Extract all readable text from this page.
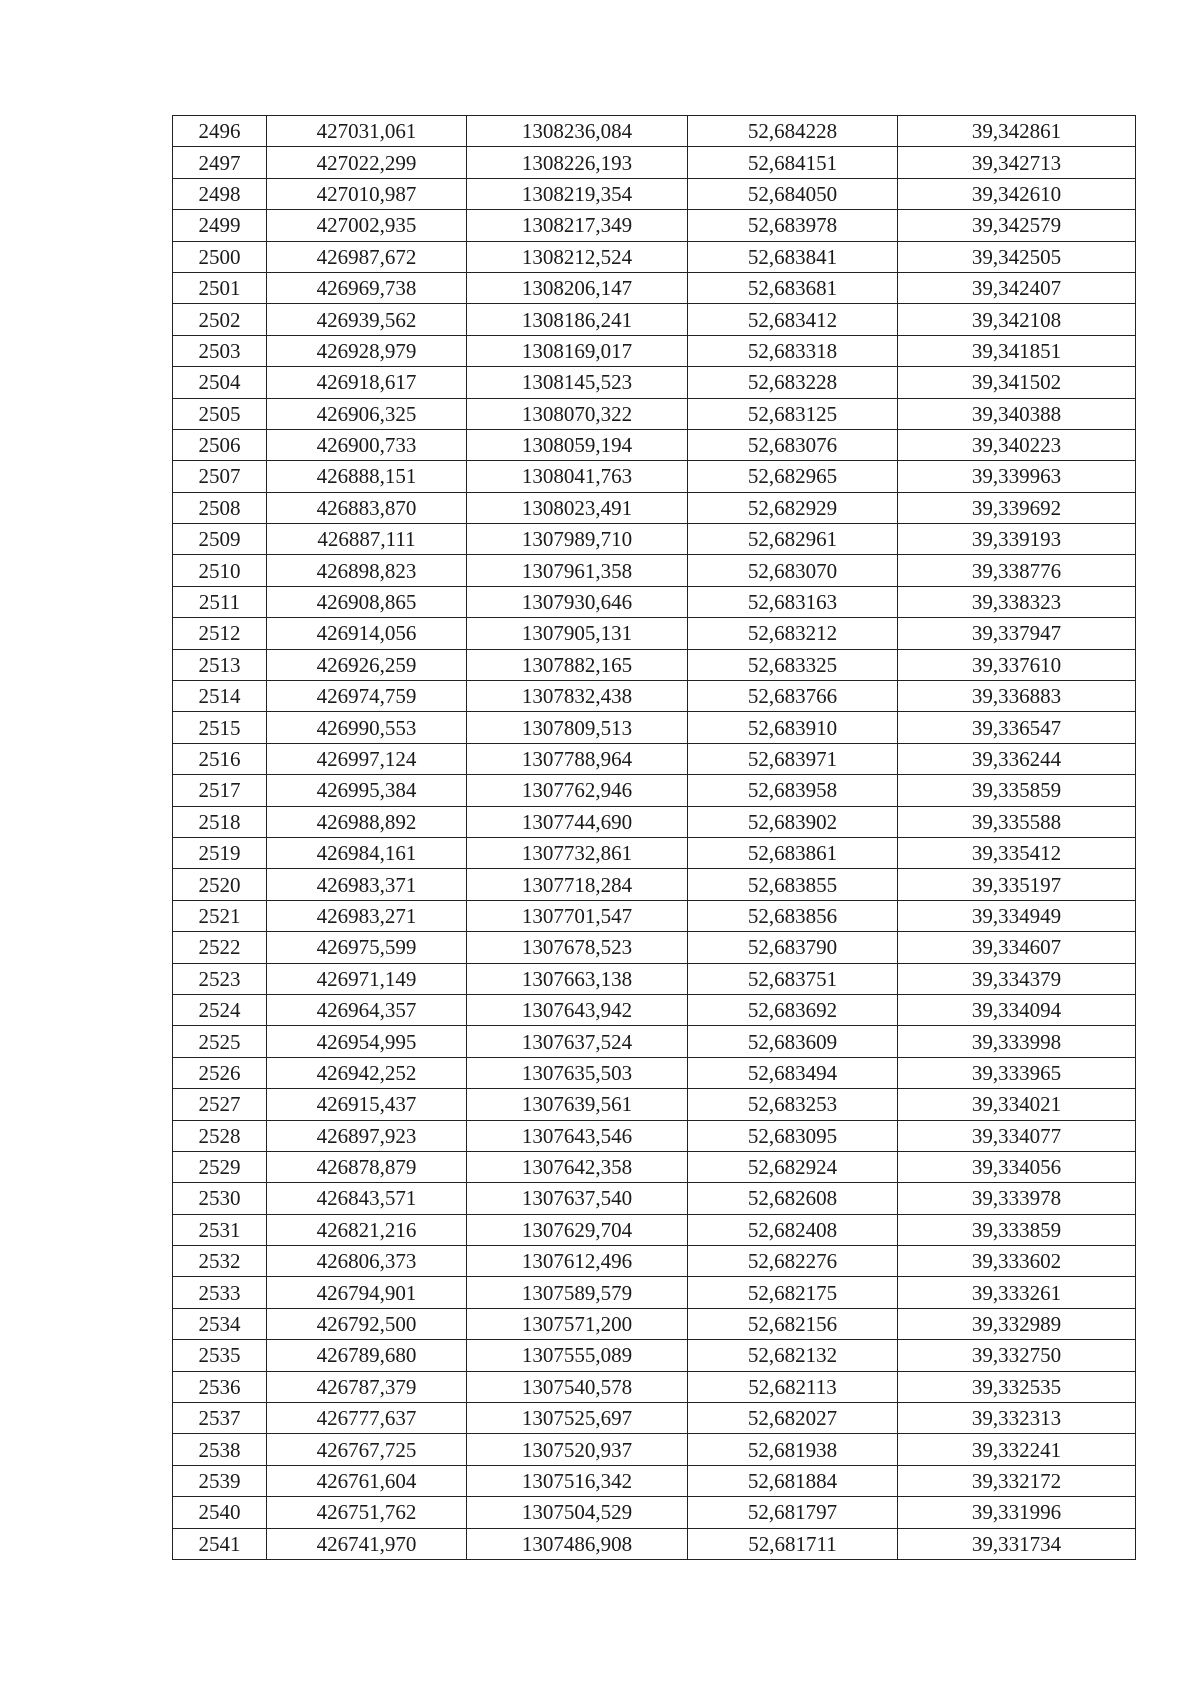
2496	427031,061	1308236,084	52,684228	39,342861
2497	427022,299	1308226,193	52,684151	39,342713
2498	427010,987	1308219,354	52,684050	39,342610
2499	427002,935	1308217,349	52,683978	39,342579
2500	426987,672	1308212,524	52,683841	39,342505
2501	426969,738	1308206,147	52,683681	39,342407
2502	426939,562	1308186,241	52,683412	39,342108
2503	426928,979	1308169,017	52,683318	39,341851
2504	426918,617	1308145,523	52,683228	39,341502
2505	426906,325	1308070,322	52,683125	39,340388
2506	426900,733	1308059,194	52,683076	39,340223
2507	426888,151	1308041,763	52,682965	39,339963
2508	426883,870	1308023,491	52,682929	39,339692
2509	426887,111	1307989,710	52,682961	39,339193
2510	426898,823	1307961,358	52,683070	39,338776
2511	426908,865	1307930,646	52,683163	39,338323
2512	426914,056	1307905,131	52,683212	39,337947
2513	426926,259	1307882,165	52,683325	39,337610
2514	426974,759	1307832,438	52,683766	39,336883
2515	426990,553	1307809,513	52,683910	39,336547
2516	426997,124	1307788,964	52,683971	39,336244
2517	426995,384	1307762,946	52,683958	39,335859
2518	426988,892	1307744,690	52,683902	39,335588
2519	426984,161	1307732,861	52,683861	39,335412
2520	426983,371	1307718,284	52,683855	39,335197
2521	426983,271	1307701,547	52,683856	39,334949
2522	426975,599	1307678,523	52,683790	39,334607
2523	426971,149	1307663,138	52,683751	39,334379
2524	426964,357	1307643,942	52,683692	39,334094
2525	426954,995	1307637,524	52,683609	39,333998
2526	426942,252	1307635,503	52,683494	39,333965
2527	426915,437	1307639,561	52,683253	39,334021
2528	426897,923	1307643,546	52,683095	39,334077
2529	426878,879	1307642,358	52,682924	39,334056
2530	426843,571	1307637,540	52,682608	39,333978
2531	426821,216	1307629,704	52,682408	39,333859
2532	426806,373	1307612,496	52,682276	39,333602
2533	426794,901	1307589,579	52,682175	39,333261
2534	426792,500	1307571,200	52,682156	39,332989
2535	426789,680	1307555,089	52,682132	39,332750
2536	426787,379	1307540,578	52,682113	39,332535
2537	426777,637	1307525,697	52,682027	39,332313
2538	426767,725	1307520,937	52,681938	39,332241
2539	426761,604	1307516,342	52,681884	39,332172
2540	426751,762	1307504,529	52,681797	39,331996
2541	426741,970	1307486,908	52,681711	39,331734
